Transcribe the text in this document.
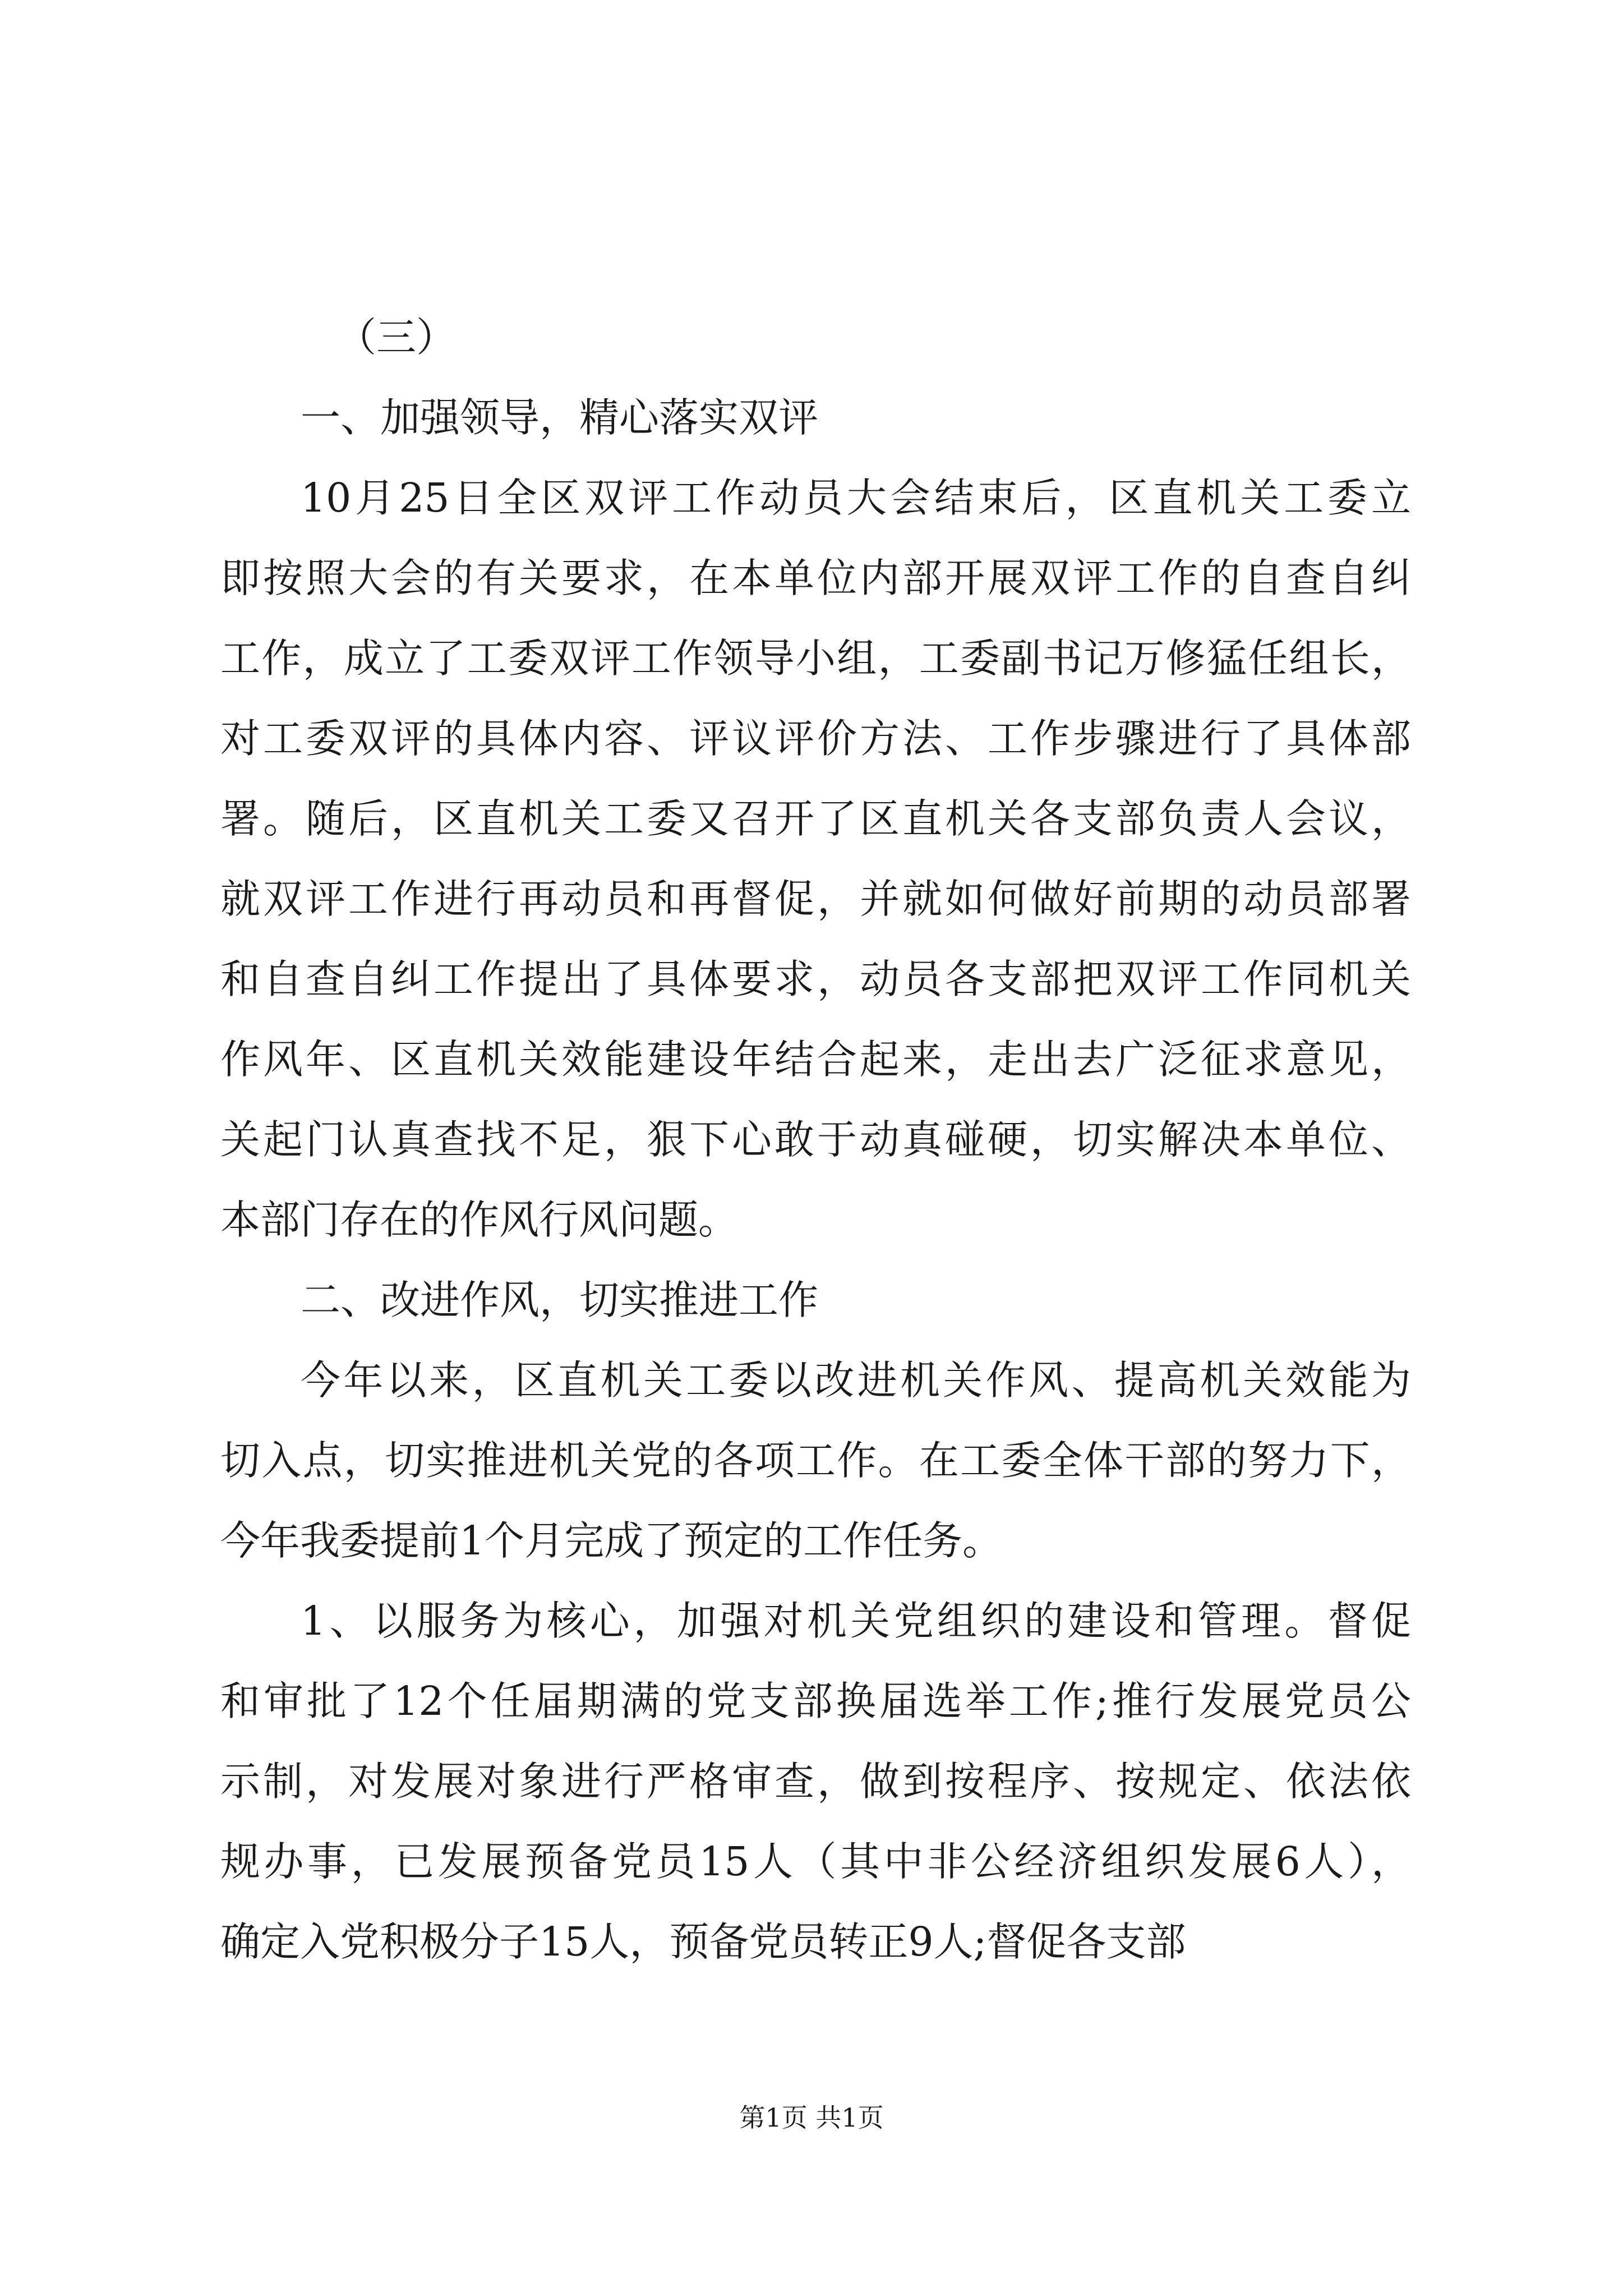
（三）
一、加强领导，精心落实双评
10月25日全区双评工作动员大会结束后，区直机关工委立
即按照大会的有关要求，在本单位内部开展双评工作的自查自纠
工作，成立了工委双评工作领导小组，工委副书记万修猛任组长，
对工委双评的具体内容、评议评价方法、工作步骤进行了具体部
署。随后，区直机关工委又召开了区直机关各支部负责人会议，
就双评工作进行再动员和再督促，并就如何做好前期的动员部署
和自查自纠工作提出了具体要求，动员各支部把双评工作同机关
作风年、区直机关效能建设年结合起来，走出去广泛征求意见，
关起门认真查找不足，狠下心敢于动真碰硬，切实解决本单位、
本部门存在的作风行风问题。
二、改进作风，切实推进工作
今年以来，区直机关工委以改进机关作风、提高机关效能为
切入点，切实推进机关党的各项工作。在工委全体干部的努力下，
今年我委提前1个月完成了预定的工作任务。
1、以服务为核心，加强对机关党组织的建设和管理。督促
和审批了12个任届期满的党支部换届选举工作;推行发展党员公
示制，对发展对象进行严格审查，做到按程序、按规定、依法依
规办事，已发展预备党员15人（其中非公经济组织发展6人），
确定入党积极分子15人，预备党员转正9人;督促各支部
第1页 共1页
